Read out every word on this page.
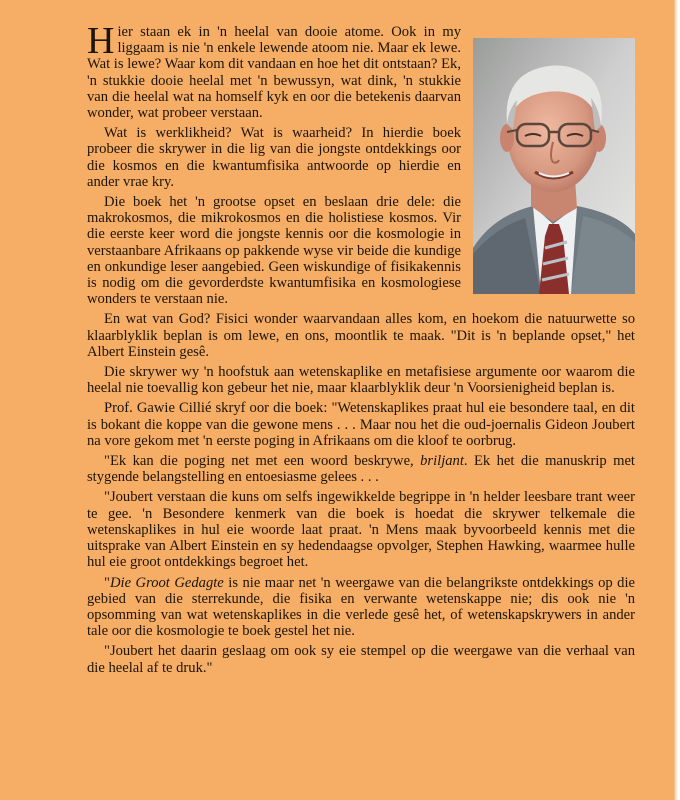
Hier staan ek in 'n heelal van dooie atome. Ook in my liggaam is nie 'n enkele lewende atoom nie. Maar ek lewe. Wat is lewe? Waar kom dit vandaan en hoe het dit ontstaan? Ek, 'n stukkie dooie heelal met 'n bewussyn, wat dink, 'n stukkie van die heelal wat na homself kyk en oor die betekenis daarvan wonder, wat probeer verstaan.

Wat is werklikheid? Wat is waarheid? In hierdie boek probeer die skrywer in die lig van die jongste ontdekkings oor die kosmos en die kwantumfisika antwoorde op hierdie en ander vrae kry.

Die boek het 'n grootse opset en beslaan drie dele: die makrokosmos, die mikrokosmos en die holistiese kosmos. Vir die eerste keer word die jongste kennis oor die kosmologie in verstaanbare Afrikaans op pakkende wyse vir beide die kundige en onkundige leser aangebied. Geen wiskundige of fisikakennis is nodig om die gevorderdste kwantumfisika en kosmologiese wonders te verstaan nie.

En wat van God? Fisici wonder waarvandaan alles kom, en hoekom die natuurwette so klaarblyklik beplan is om lewe, en ons, moontlik te maak. "Dit is 'n beplande opset," het Albert Einstein gesê.

Die skrywer wy 'n hoofstuk aan wetenskaplike en metafisiese argumente oor waarom die heelal nie toevallig kon gebeur het nie, maar klaarblyklik deur 'n Voorsienigheid beplan is.

Prof. Gawie Cillié skryf oor die boek: "Wetenskaplikes praat hul eie besondere taal, en dit is bokant die koppe van die gewone mens . . . Maar nou het die oud-joernalis Gideon Joubert na vore gekom met 'n eerste poging in Afrikaans om die kloof te oorbrug.

"Ek kan die poging net met een woord beskrywe, briljant. Ek het die manuskrip met stygende belangstelling en entoesiasme gelees . . .

"Joubert verstaan die kuns om selfs ingewikkelde begrippe in 'n helder leesbare trant weer te gee. 'n Besondere kenmerk van die boek is hoedat die skrywer telkemale die wetenskaplikes in hul eie woorde laat praat. 'n Mens maak byvoorbeeld kennis met die uitsprake van Albert Einstein en sy hedendaagse opvolger, Stephen Hawking, waarmee hulle hul eie groot ontdekkings begroet het.

"Die Groot Gedagte is nie maar net 'n weergawe van die belangrikste ontdekkings op die gebied van die sterrekunde, die fisika en verwante wetenskappe nie; dis ook nie 'n opsomming van wat wetenskaplikes in die verlede gesê het, of wetenskapskrywers in ander tale oor die kosmologie te boek gestel het nie.

"Joubert het daarin geslaag om ook sy eie stempel op die weergawe van die verhaal van die heelal af te druk."
